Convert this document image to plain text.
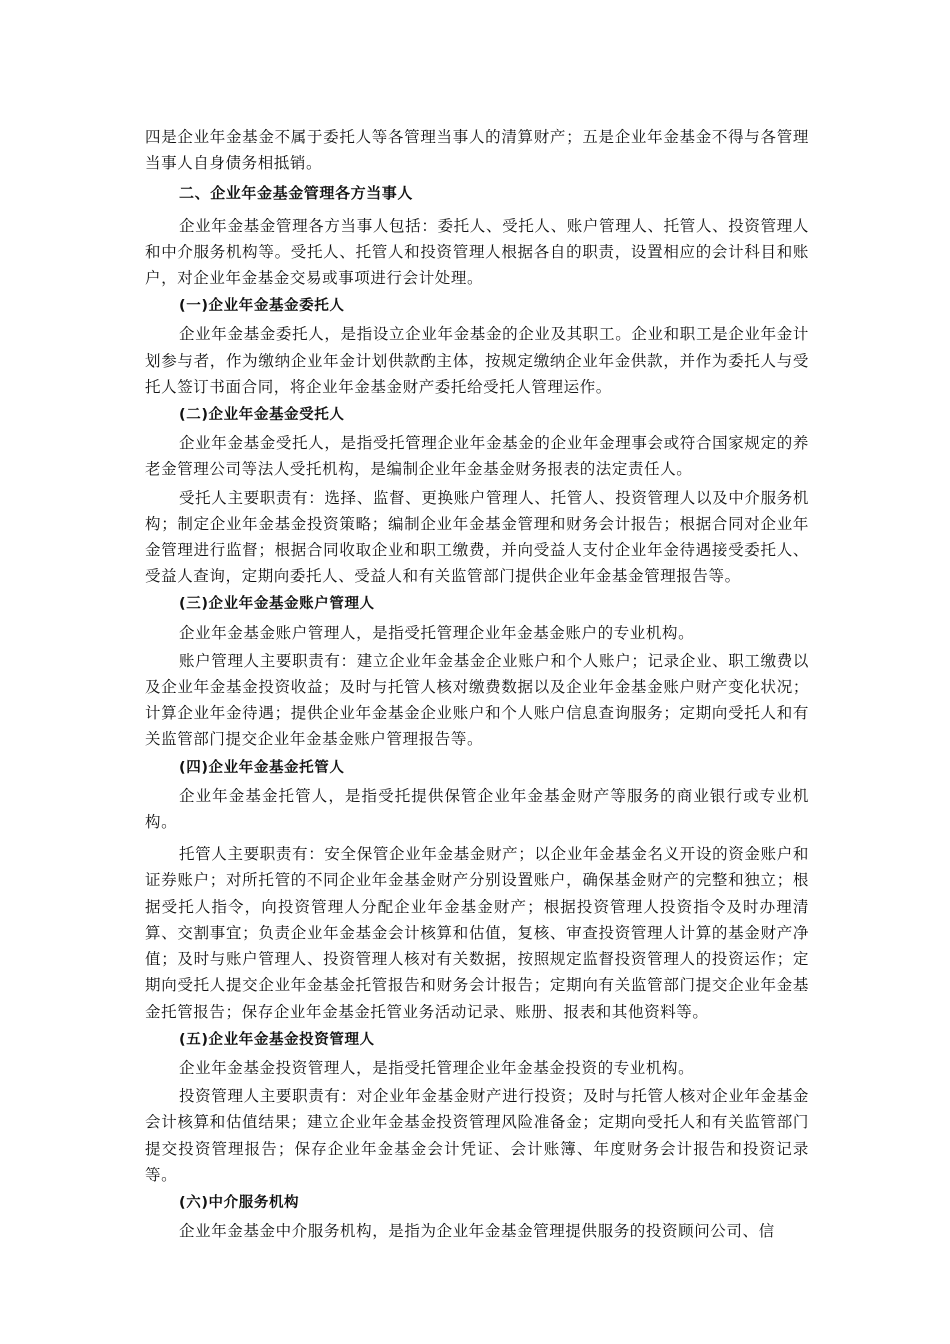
四是企业年金基金不属于委托人等各管理当事人的清算财产；五是企业年金基金不得与各管理当事人自身债务相抵销。

二、企业年金基金管理各方当事人

企业年金基金管理各方当事人包括：委托人、受托人、账户管理人、托管人、投资管理人和中介服务机构等。受托人、托管人和投资管理人根据各自的职责，设置相应的会计科目和账户，对企业年金基金交易或事项进行会计处理。

(一)企业年金基金委托人

企业年金基金委托人，是指设立企业年金基金的企业及其职工。企业和职工是企业年金计划参与者，作为缴纳企业年金计划供款酌主体，按规定缴纳企业年金供款，并作为委托人与受托人签订书面合同，将企业年金基金财产委托给受托人管理运作。

(二)企业年金基金受托人

企业年金基金受托人，是指受托管理企业年金基金的企业年金理事会或符合国家规定的养老金管理公司等法人受托机构，是编制企业年金基金财务报表的法定责任人。

受托人主要职责有：选择、监督、更换账户管理人、托管人、投资管理人以及中介服务机构；制定企业年金基金投资策略；编制企业年金基金管理和财务会计报告；根据合同对企业年金管理进行监督；根据合同收取企业和职工缴费，并向受益人支付企业年金待遇接受委托人、受益人查询，定期向委托人、受益人和有关监管部门提供企业年金基金管理报告等。

(三)企业年金基金账户管理人

企业年金基金账户管理人，是指受托管理企业年金基金账户的专业机构。

账户管理人主要职责有：建立企业年金基金企业账户和个人账户；记录企业、职工缴费以及企业年金基金投资收益；及时与托管人核对缴费数据以及企业年金基金账户财产变化状况；计算企业年金待遇；提供企业年金基金企业账户和个人账户信息查询服务；定期向受托人和有关监管部门提交企业年金基金账户管理报告等。

(四)企业年金基金托管人

企业年金基金托管人，是指受托提供保管企业年金基金财产等服务的商业银行或专业机构。

托管人主要职责有：安全保管企业年金基金财产；以企业年金基金名义开设的资金账户和证券账户；对所托管的不同企业年金基金财产分别设置账户，确保基金财产的完整和独立；根据受托人指令，向投资管理人分配企业年金基金财产；根据投资管理人投资指令及时办理清算、交割事宜；负责企业年金基金会计核算和估值，复核、审查投资管理人计算的基金财产净值；及时与账户管理人、投资管理人核对有关数据，按照规定监督投资管理人的投资运作；定期向受托人提交企业年金基金托管报告和财务会计报告；定期向有关监管部门提交企业年金基金托管报告；保存企业年金基金托管业务活动记录、账册、报表和其他资料等。

(五)企业年金基金投资管理人

企业年金基金投资管理人，是指受托管理企业年金基金投资的专业机构。

投资管理人主要职责有：对企业年金基金财产进行投资；及时与托管人核对企业年金基金会计核算和估值结果；建立企业年金基金投资管理风险准备金；定期向受托人和有关监管部门提交投资管理报告；保存企业年金基金会计凭证、会计账簿、年度财务会计报告和投资记录等。

(六)中介服务机构

企业年金基金中介服务机构，是指为企业年金基金管理提供服务的投资顾问公司、信
